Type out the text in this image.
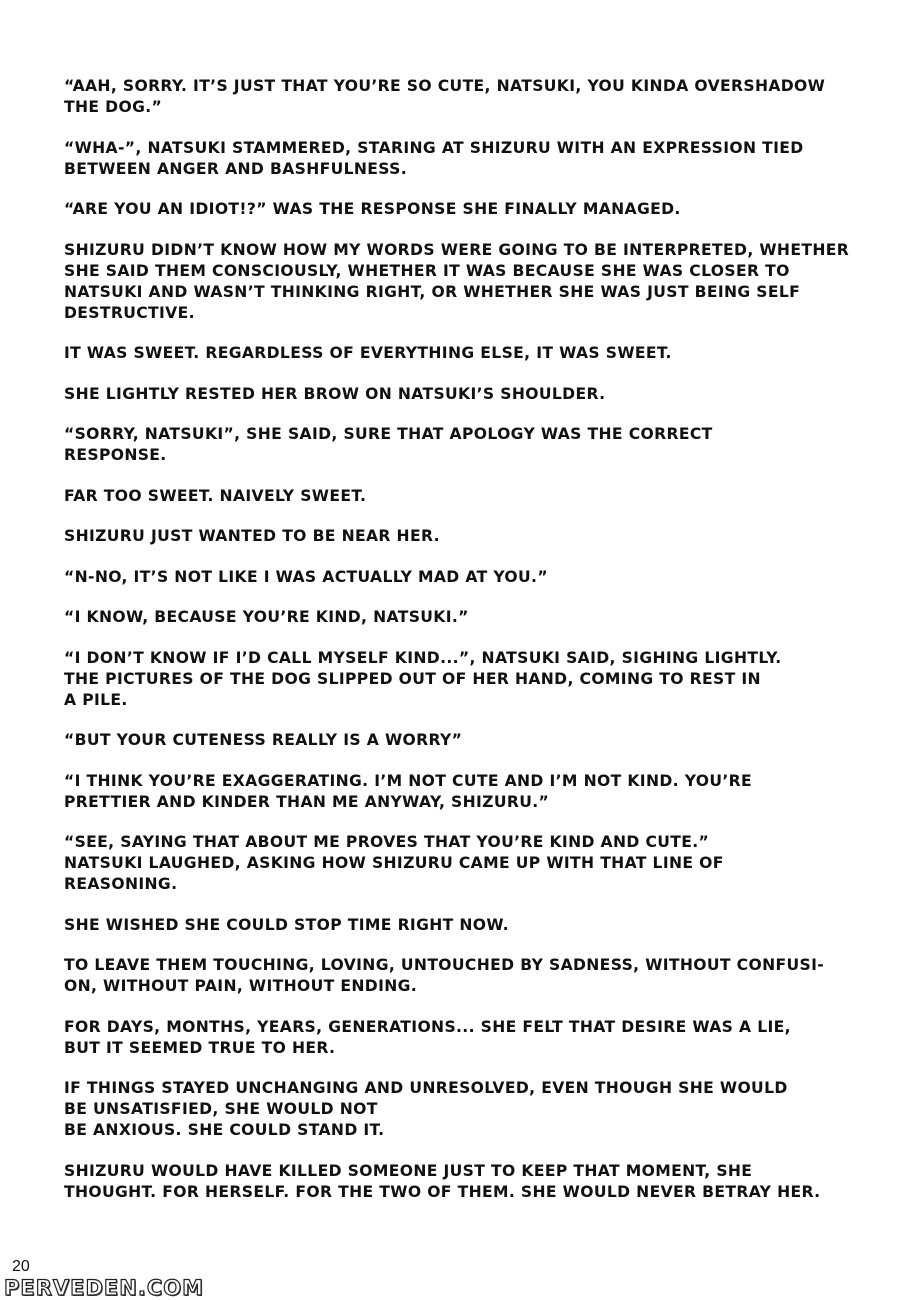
“AAH, SORRY. IT’S JUST THAT YOU’RE SO CUTE, NATSUKI, YOU KINDA OVERSHADOW
THE DOG.”

“WHA-”, NATSUKI STAMMERED, STARING AT SHIZURU WITH AN EXPRESSION TIED
BETWEEN ANGER AND BASHFULNESS.

“ARE YOU AN IDIOT!?” WAS THE RESPONSE SHE FINALLY MANAGED.

SHIZURU DIDN’T KNOW HOW MY WORDS WERE GOING TO BE INTERPRETED, WHETHER
SHE SAID THEM CONSCIOUSLY, WHETHER IT WAS BECAUSE SHE WAS CLOSER TO
NATSUKI AND WASN’T THINKING RIGHT, OR WHETHER SHE WAS JUST BEING SELF
DESTRUCTIVE.

IT WAS SWEET. REGARDLESS OF EVERYTHING ELSE, IT WAS SWEET.

SHE LIGHTLY RESTED HER BROW ON NATSUKI’S SHOULDER.

“SORRY, NATSUKI”, SHE SAID, SURE THAT APOLOGY WAS THE CORRECT
RESPONSE.

FAR TOO SWEET. NAIVELY SWEET.

SHIZURU JUST WANTED TO BE NEAR HER.

“N-NO, IT’S NOT LIKE I WAS ACTUALLY MAD AT YOU.”

“I KNOW, BECAUSE YOU’RE KIND, NATSUKI.”

“I DON’T KNOW IF I’D CALL MYSELF KIND...”, NATSUKI SAID, SIGHING LIGHTLY.
THE PICTURES OF THE DOG SLIPPED OUT OF HER HAND, COMING TO REST IN
A PILE.

“BUT YOUR CUTENESS REALLY IS A WORRY”

“I THINK YOU’RE EXAGGERATING. I’M NOT CUTE AND I’M NOT KIND. YOU’RE
PRETTIER AND KINDER THAN ME ANYWAY, SHIZURU.”

“SEE, SAYING THAT ABOUT ME PROVES THAT YOU’RE KIND AND CUTE.”
NATSUKI LAUGHED, ASKING HOW SHIZURU CAME UP WITH THAT LINE OF
REASONING.

SHE WISHED SHE COULD STOP TIME RIGHT NOW.

TO LEAVE THEM TOUCHING, LOVING, UNTOUCHED BY SADNESS, WITHOUT CONFUSI-
ON, WITHOUT PAIN, WITHOUT ENDING.

FOR DAYS, MONTHS, YEARS, GENERATIONS... SHE FELT THAT DESIRE WAS A LIE,
BUT IT SEEMED TRUE TO HER.

IF THINGS STAYED UNCHANGING AND UNRESOLVED, EVEN THOUGH SHE WOULD
BE UNSATISFIED, SHE WOULD NOT
BE ANXIOUS. SHE COULD STAND IT.

SHIZURU WOULD HAVE KILLED SOMEONE JUST TO KEEP THAT MOMENT, SHE
THOUGHT. FOR HERSELF. FOR THE TWO OF THEM. SHE WOULD NEVER BETRAY HER.

20
PERVEDEN.COM
